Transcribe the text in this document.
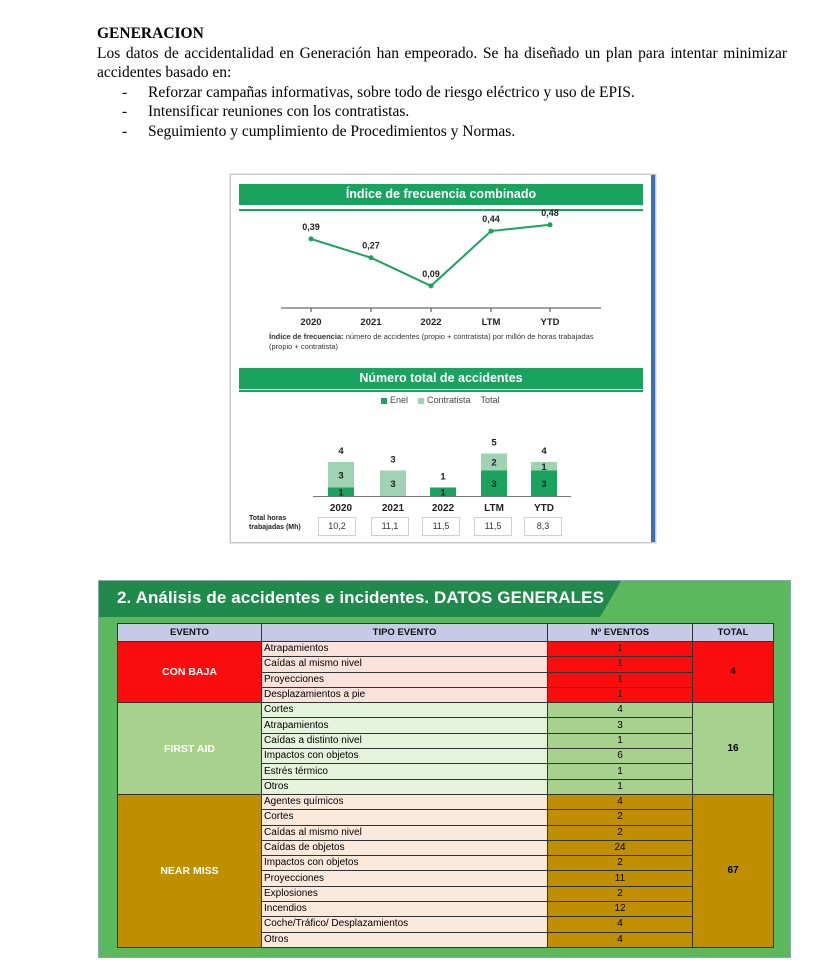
GENERACION
Los datos de accidentalidad en Generación han empeorado. Se ha diseñado un plan para intentar minimizar accidentes basado en:
- Reforzar campañas informativas, sobre todo de riesgo eléctrico y uso de EPIS.
- Intensificar reuniones con los contratistas.
- Seguimiento y cumplimiento de Procedimientos y Normas.
Índice de frecuencia combinado
0,39
0,27
0,09
0,44
0,48
2020	2021	2022	LTM	YTD
Índice de frecuencia: número de accidentes (propio + contratista) por millón de horas trabajadas (propio + contratista)
Número total de accidentes
Enel	Contratista Total
1
3
4
2020
3
3
2021
1
1
2022
3
2
5
LTM
3
1
4
YTD
Total horas
trabajadas (Mh)	10,2	11,1	11,5	11,5	8,3
2. Análisis de accidentes e incidentes. DATOS GENERALES
EVENTO	TIPO EVENTO	Nº EVENTOS	TOTAL
CON BAJA	Atrapamientos	1	4
	Caídas al mismo nivel	1	
	Proyecciones	1	
	Desplazamientos a pie	1	
FIRST AID	Cortes	4	16
	Atrapamientos	3	
	Caídas a distinto nivel	1	
	Impactos con objetos	6	
	Estrés térmico	1	
	Otros	1	
NEAR MISS	Agentes químicos	4	67
	Cortes	2	
	Caídas al mismo nivel	2	
	Caídas de objetos	24	
	Impactos con objetos	2	
	Proyecciones	11	
	Explosiones	2	
	Incendios	12	
	Coche/Tráfico/ Desplazamientos	4	
	Otros	4	
